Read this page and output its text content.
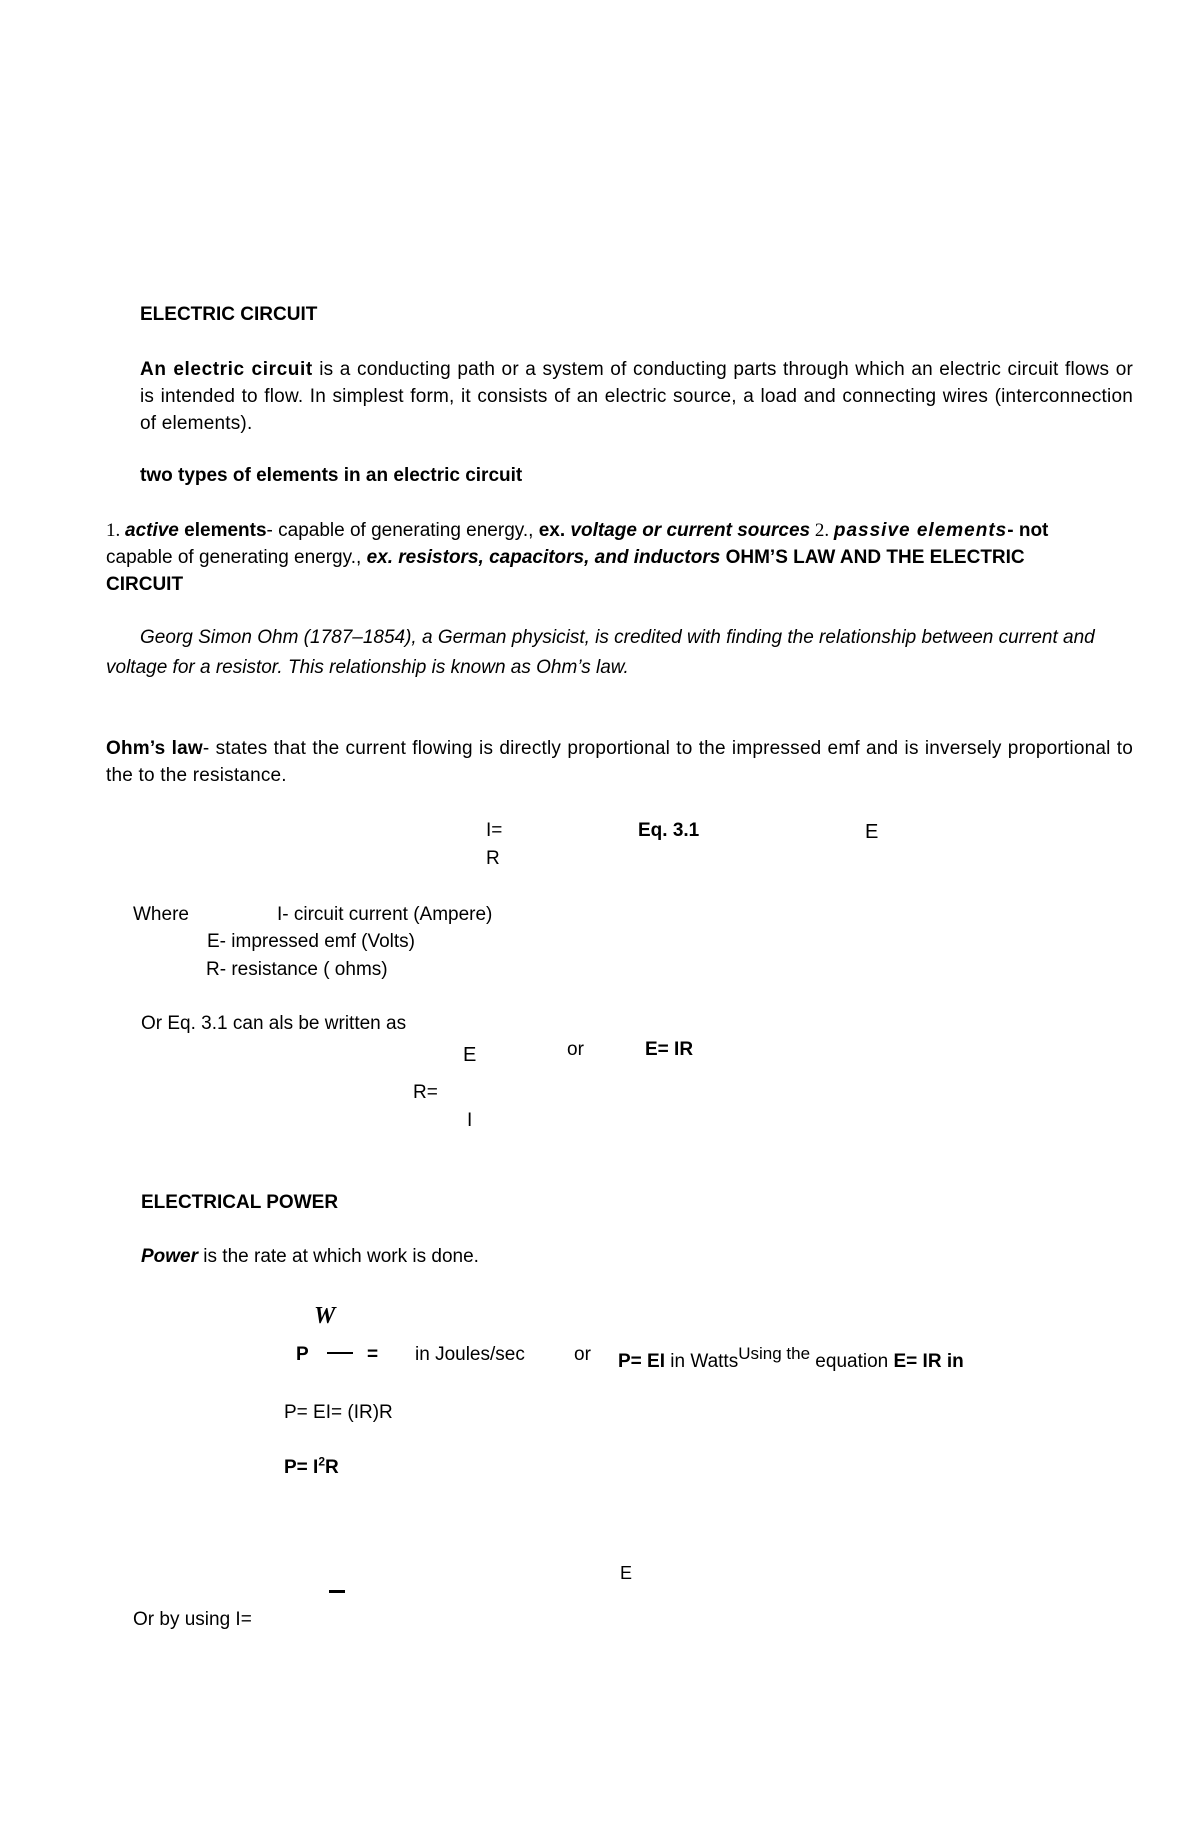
ELECTRIC CIRCUIT
An electric circuit is a conducting path or a system of conducting parts through which an electric circuit flows or is intended to flow. In simplest form, it consists of an electric source, a load and connecting wires (interconnection of elements).
two types of elements in an electric circuit
1. active elements- capable of generating energy., ex. voltage or current sources 2. passive elements- not capable of generating energy., ex. resistors, capacitors, and inductors OHM’S LAW AND THE ELECTRIC CIRCUIT
Georg Simon Ohm (1787–1854), a German physicist, is credited with finding the relationship between current and voltage for a resistor. This relationship is known as Ohm’s law.
Ohm’s law- states that the current flowing is directly proportional to the impressed emf and is inversely proportional to the to the resistance.
I=
R
Eq. 3.1	E
Where	I- circuit current (Ampere)
E- impressed emf (Volts)
R- resistance ( ohms)
Or Eq. 3.1 can als be written as
E	or	E= IR
R=
I
ELECTRICAL POWER
Power is the rate at which work is done.
W
P	= in Joules/sec	or P= EI in WattsUsing the equation E= IR in
P= EI= (IR)R
$P= I^2R$
E
Or by using I=
